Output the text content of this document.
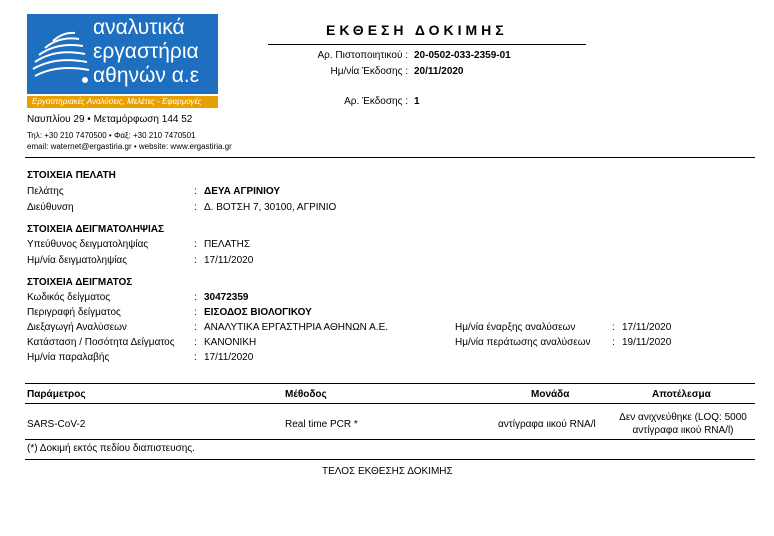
αναλυτικά
εργαστήρια
αθηνών α.ε
Εργαστηριακές Αναλύσεις, Μελέτες - Εφαρμογές
Ναυπλίου 29 • Μεταμόρφωση 144 52
Τηλ: +30 210 7470500 • Φαξ: +30 210 7470501
email: waternet@ergastiria.gr • website: www.ergastiria.gr
ΕΚΘΕΣΗ ΔΟΚΙΜΗΣ
Αρ. Πιστοποιητικού : 20-0502-033-2359-01
Ημ/νία Έκδοσης : 20/11/2020
Αρ. Έκδοσης : 1
ΣΤΟΙΧΕΙΑ ΠΕΛΑΤΗ
Πελάτης	: ΔΕΥΑ ΑΓΡΙΝΙΟΥ
Διεύθυνση	: Δ. ΒΟΤΣΗ 7, 30100, ΑΓΡΙΝΙΟ
ΣΤΟΙΧΕΙΑ ΔΕΙΓΜΑΤΟΛΗΨΙΑΣ
Υπεύθυνος δειγματοληψίας	: ΠΕΛΑΤΗΣ
Ημ/νία δειγματοληψίας	: 17/11/2020
ΣΤΟΙΧΕΙΑ ΔΕΙΓΜΑΤΟΣ
Κωδικός δείγματος	: 30472359
Περιγραφή δείγματος	: ΕΙΣΟΔΟΣ ΒΙΟΛΟΓΙΚΟΥ
Διεξαγωγή Αναλύσεων	: ΑΝΑΛΥΤΙΚΑ ΕΡΓΑΣΤΗΡΙΑ ΑΘΗΝΩΝ Α.Ε.
Κατάσταση / Ποσότητα Δείγματος : ΚΑΝΟΝΙΚΗ
Ημ/νία παραλαβής	: 17/11/2020
Ημ/νία έναρξης αναλύσεων	: 17/11/2020
Ημ/νία περάτωσης αναλύσεων : 19/11/2020
Παράμετρος	Μέθοδος	Μονάδα	Αποτέλεσμα
SARS-CoV-2	Real time PCR *	αντίγραφα ιικού RNA/l
Δεν ανιχνεύθηκε (LOQ: 5000
αντίγραφα ιικού RNA/l)
(*) Δοκιμή εκτός πεδίου διαπιστευσης.
ΤΕΛΟΣ ΕΚΘΕΣΗΣ ΔΟΚΙΜΗΣ
